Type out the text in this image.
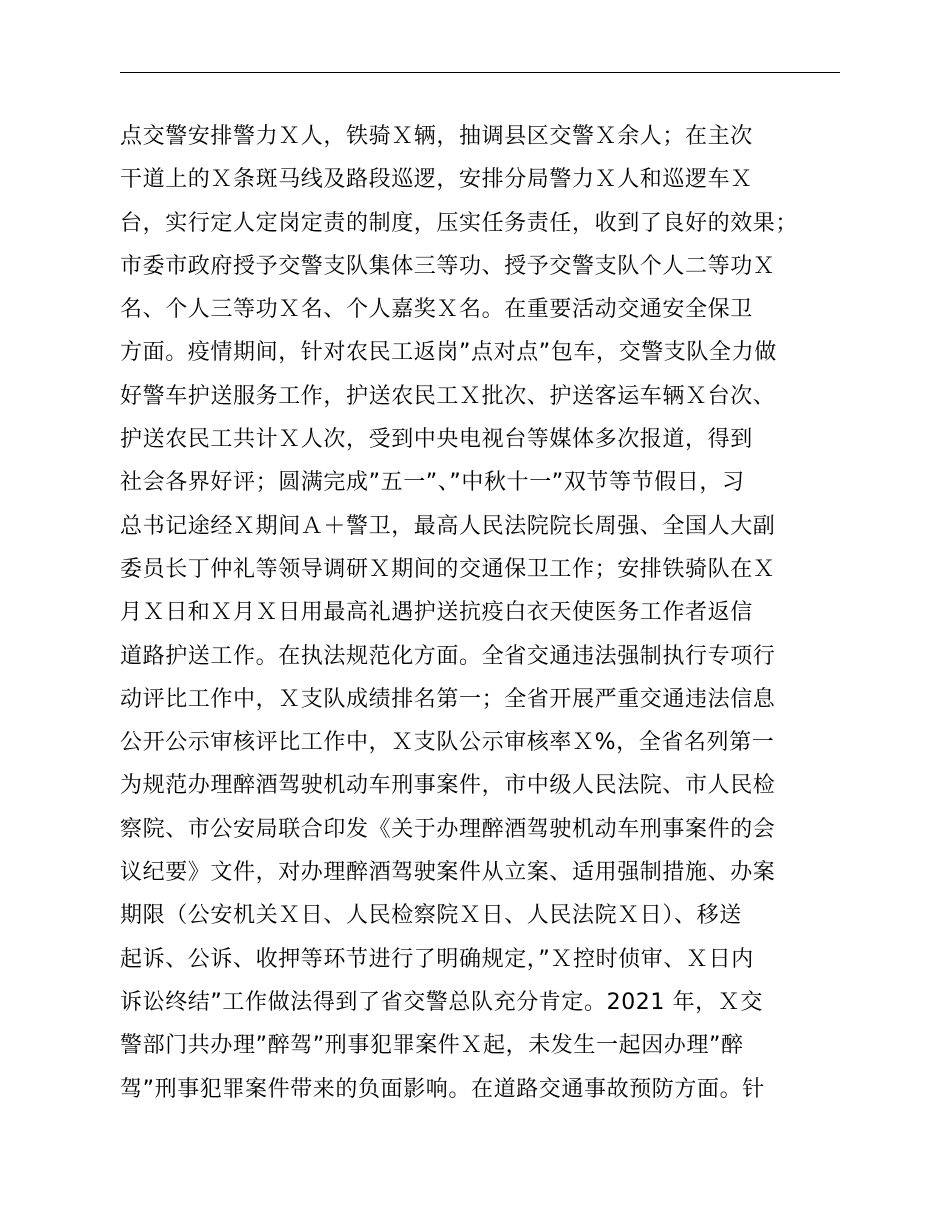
点交警安排警力Ｘ人，铁骑Ｘ辆，抽调县区交警Ｘ余人；在主次
干道上的Ｘ条斑马线及路段巡逻，安排分局警力Ｘ人和巡逻车Ｘ
台，实行定人定岗定责的制度，压实任务责任，收到了良好的效果；
市委市政府授予交警支队集体三等功、授予交警支队个人二等功Ｘ
名、个人三等功Ｘ名、个人嘉奖Ｘ名。在重要活动交通安全保卫
方面。疫情期间，针对农民工返岗”点对点”包车，交警支队全力做
好警车护送服务工作，护送农民工Ｘ批次、护送客运车辆Ｘ台次、
护送农民工共计Ｘ人次，受到中央电视台等媒体多次报道，得到
社会各界好评；圆满完成”五一”、”中秋十一”双节等节假日，习
总书记途经Ｘ期间Ａ＋警卫，最高人民法院院长周强、全国人大副
委员长丁仲礼等领导调研Ｘ期间的交通保卫工作；安排铁骑队在Ｘ
月Ｘ日和Ｘ月Ｘ日用最高礼遇护送抗疫白衣天使医务工作者返信
道路护送工作。在执法规范化方面。全省交通违法强制执行专项行
动评比工作中，Ｘ支队成绩排名第一；全省开展严重交通违法信息
公开公示审核评比工作中，Ｘ支队公示审核率Ｘ%，全省名列第一
为规范办理醉酒驾驶机动车刑事案件，市中级人民法院、市人民检
察院、市公安局联合印发《关于办理醉酒驾驶机动车刑事案件的会
议纪要》文件，对办理醉酒驾驶案件从立案、适用强制措施、办案
期限（公安机关Ｘ日、人民检察院Ｘ日、人民法院Ｘ日）、移送
起诉、公诉、收押等环节进行了明确规定，”Ｘ控时侦审、Ｘ日内
诉讼终结”工作做法得到了省交警总队充分肯定。2021 年，Ｘ交
警部门共办理”醉驾”刑事犯罪案件Ｘ起，未发生一起因办理”醉
驾”刑事犯罪案件带来的负面影响。在道路交通事故预防方面。针
